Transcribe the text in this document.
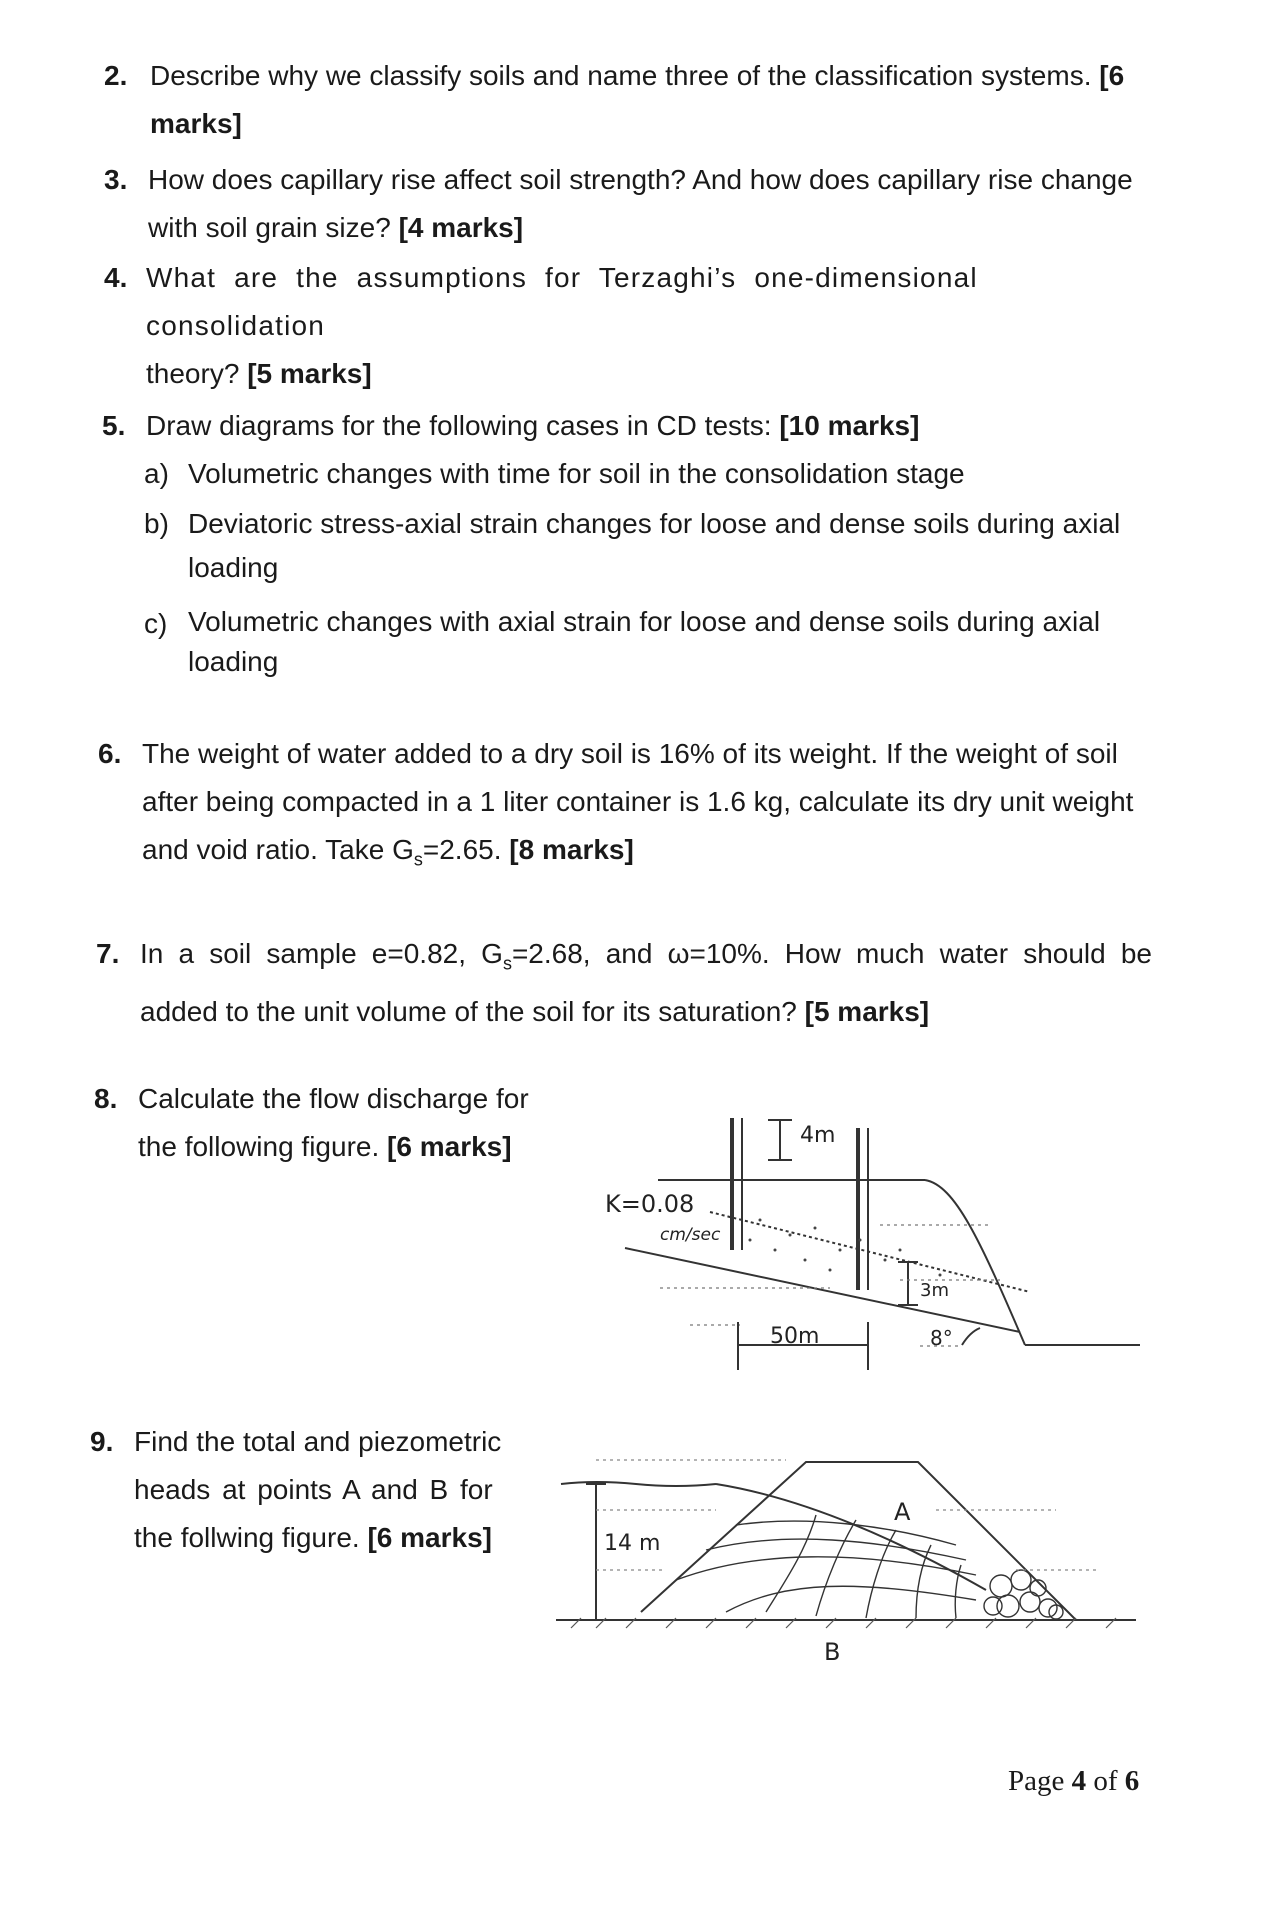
2. Describe why we classify soils and name three of the classification systems. [6 marks]
3. How does capillary rise affect soil strength? And how does capillary rise change
with soil grain size? [4 marks]
4. What are the assumptions for Terzaghi’s one-dimensional consolidation
theory? [5 marks]
5. Draw diagrams for the following cases in CD tests: [10 marks]
a) Volumetric changes with time for soil in the consolidation stage
b) Deviatoric stress-axial strain changes for loose and dense soils during axial
loading
c) Volumetric changes with axial strain for loose and dense soils during axial
loading
6. The weight of water added to a dry soil is 16% of its weight. If the weight of soil
after being compacted in a 1 liter container is 1.6 kg, calculate its dry unit weight
and void ratio. Take $G_s=2.65$. [8 marks]
7. In a soil sample e=0.82, $G_s=2.68$, and ω=10%. How much water should be
added to the unit volume of the soil for its saturation? [5 marks]
8. Calculate the flow discharge for
the following figure. [6 marks]
K=0.08
cm/sec
4m
3m
50m	8°
9. Find the total and piezometric
heads at points A and B for
the follwing figure. [6 marks]	14 m
A
B
Page 4 of 6
